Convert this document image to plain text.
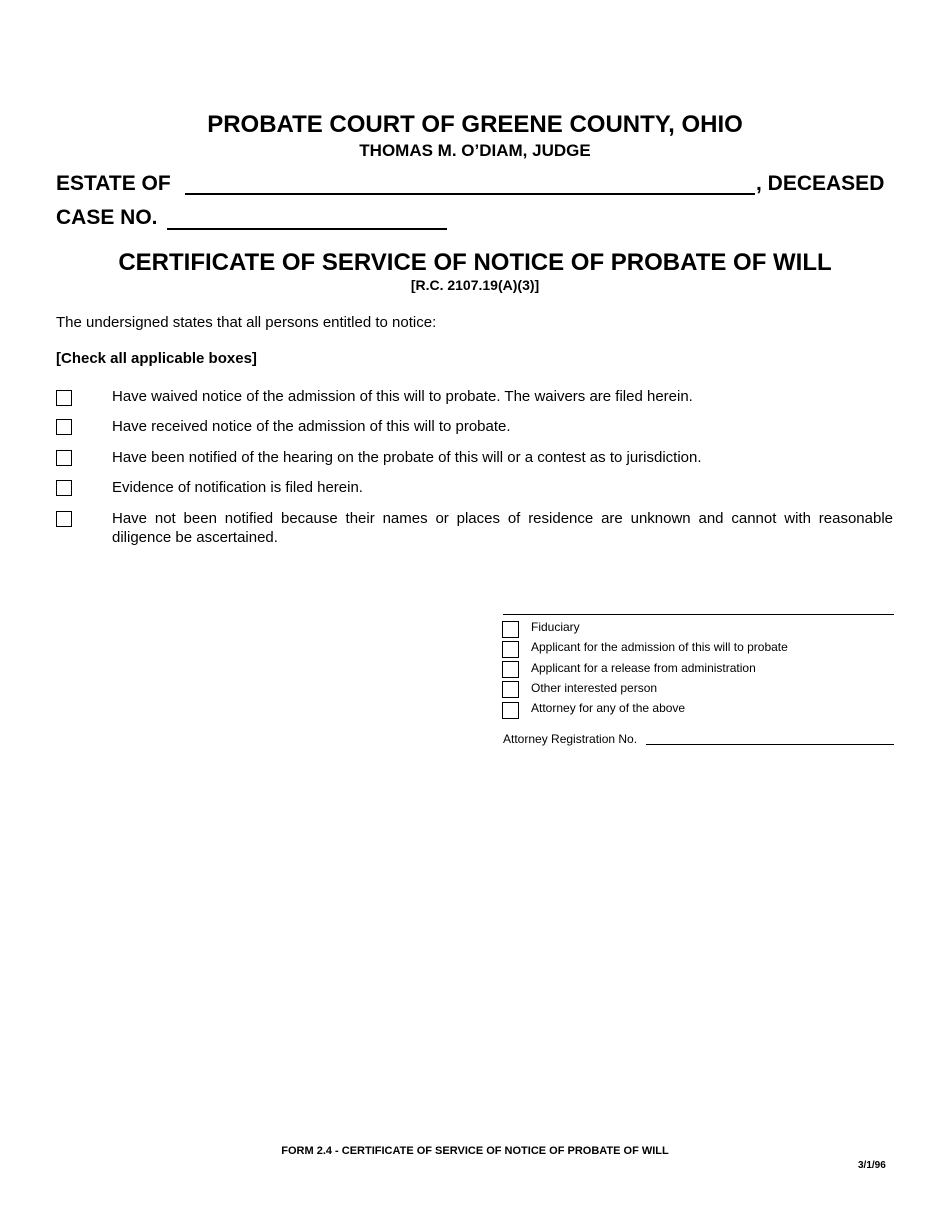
PROBATE COURT OF GREENE COUNTY, OHIO
THOMAS M. O’DIAM, JUDGE
ESTATE OF	, DECEASED
CASE NO.
CERTIFICATE OF SERVICE OF NOTICE OF PROBATE OF WILL
[R.C. 2107.19(A)(3)]
The undersigned states that all persons entitled to notice:
[Check all applicable boxes]
Have waived notice of the admission of this will to probate. The waivers are filed herein.
Have received notice of the admission of this will to probate.
Have been notified of the hearing on the probate of this will or a contest as to jurisdiction.
Evidence of notification is filed herein.
Have not been notified because their names or places of residence are unknown and cannot with reasonable diligence be ascertained.
Fiduciary
Applicant for the admission of this will to probate
Applicant for a release from administration
Other interested person
Attorney for any of the above
Attorney Registration No.
FORM 2.4 - CERTIFICATE OF SERVICE OF NOTICE OF PROBATE OF WILL
3/1/96
